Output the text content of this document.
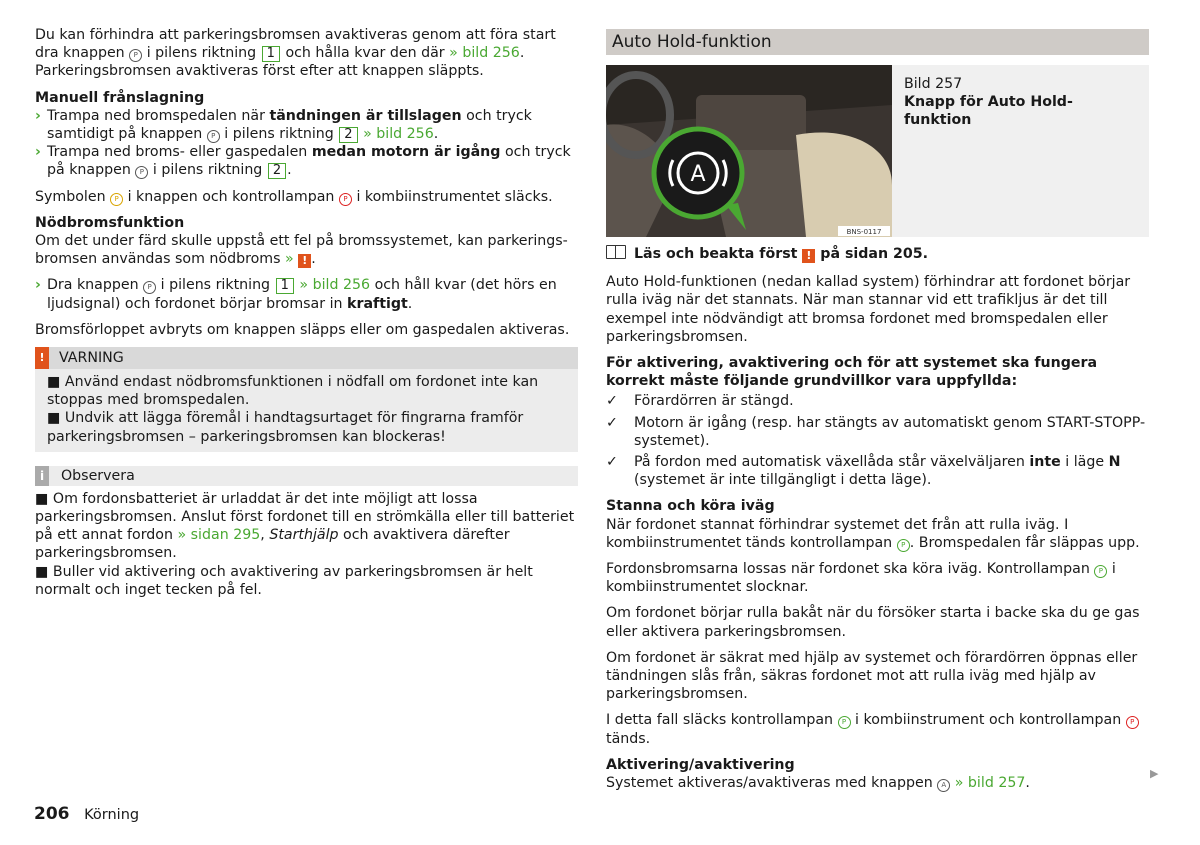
Du kan förhindra att parkeringsbromsen avaktiveras genom att föra start dra knappen P i pilens riktning 1 och hålla kvar den där » bild 256. Parkeringsbromsen avaktiveras först efter att knappen släppts.

Manuell frånslagning

› Trampa ned bromspedalen när tändningen är tillslagen och tryck samtidigt på knappen P i pilens riktning 2 » bild 256.

› Trampa ned broms- eller gaspedalen medan motorn är igång och tryck på knappen P i pilens riktning 2 .

Symbolen P i knappen och kontrollampan P i kombiinstrumentet släcks.

Nödbromsfunktion

Om det under färd skulle uppstå ett fel på bromssystemet, kan parkeringsbromsen användas som nödbroms » ! .

› Dra knappen P i pilens riktning 1 » bild 256 och håll kvar (det hörs en ljudsignal) och fordonet börjar bromsar in kraftigt.

Bromsförloppet avbryts om knappen släpps eller om gaspedalen aktiveras.

!	VARNING
■ Använd endast nödbromsfunktionen i nödfall om fordonet inte kan stoppas med bromspedalen.
■ Undvik att lägga föremål i handtagsurtaget för fingrarna framför parkeringsbromsen – parkeringsbromsen kan blockeras!
i	Observera

■ Om fordonsbatteriet är urladdat är det inte möjligt att lossa parkeringsbromsen. Anslut först fordonet till en strömkälla eller till batteriet på ett annat fordon » sidan 295, Starthjälp och avaktivera därefter parkeringsbromsen.

■ Buller vid aktivering och avaktivering av parkeringsbromsen är helt normalt och inget tecken på fel.

Auto Hold-funktion
A
BNS-0117
Bild 257
Knapp för Auto Hold-funktion

Läs och beakta först ! på sidan 205.

Auto Hold-funktionen (nedan kallad system) förhindrar att fordonet börjar rulla iväg när det stannats. När man stannar vid ett trafikljus är det till exempel inte nödvändigt att bromsa fordonet med bromspedalen eller parkeringsbromsen.

För aktivering, avaktivering och för att systemet ska fungera korrekt måste följande grundvillkor vara uppfyllda:

✓ Förardörren är stängd.
✓ Motorn är igång (resp. har stängts av automatiskt genom START-STOPP-systemet).
✓ På fordon med automatisk växellåda står växelväljaren inte i läge N (systemet är inte tillgängligt i detta läge).

Stanna och köra iväg

När fordonet stannat förhindrar systemet det från att rulla iväg. I kombiinstrumentet tänds kontrollampan P . Bromspedalen får släppas upp.

Fordonsbromsarna lossas när fordonet ska köra iväg. Kontrollampan P i kombiinstrumentet slocknar.

Om fordonet börjar rulla bakåt när du försöker starta i backe ska du ge gas eller aktivera parkeringsbromsen.

Om fordonet är säkrat med hjälp av systemet och förardörren öppnas eller tändningen slås från, säkras fordonet mot att rulla iväg med hjälp av parkeringsbromsen.

I detta fall släcks kontrollampan P i kombiinstrument och kontrollampan P tänds.

Aktivering/avaktivering

Systemet aktiveras/avaktiveras med knappen A » bild 257.

▶
206 Körning
